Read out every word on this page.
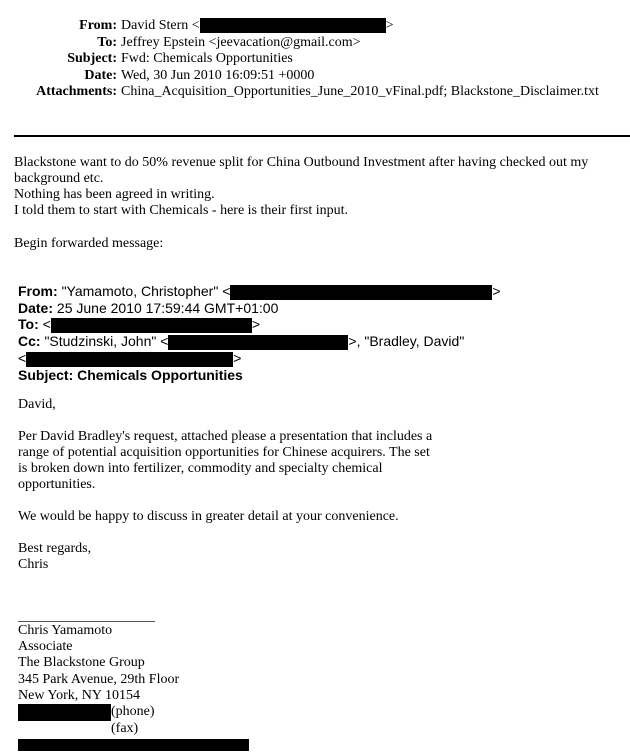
From: David Stern <	>
To: Jeffrey Epstein <jeevacation@gmail.com>
Subject: Fwd: Chemicals Opportunities
Date: Wed, 30 Jun 2010 16:09:51 +0000
Attachments: China_Acquisition_Opportunities_June_2010_vFinal.pdf; Blackstone_Disclaimer.txt

Blackstone want to do 50% revenue split for China Outbound Investment after having checked out my background etc.

Nothing has been agreed in writing.

I told them to start with Chemicals - here is their first input.

Begin forwarded message:
From: "Yamamoto, Christopher" <	>
Date: 25 June 2010 17:59:44 GMT+01:00
To: <	>
Cc: "Studzinski, John" <	>, "Bradley, David"
<	>
Subject: Chemicals Opportunities

David,

Per David Bradley's request, attached please a presentation that includes a range of potential acquisition opportunities for Chinese acquirers. The set is broken down into fertilizer, commodity and specialty chemical opportunities.

We would be happy to discuss in greater detail at your convenience.

Best regards,

Chris

Chris Yamamoto

Associate

The Blackstone Group

345 Park Avenue, 29th Floor

New York, NY 10154

(phone)

(fax)
